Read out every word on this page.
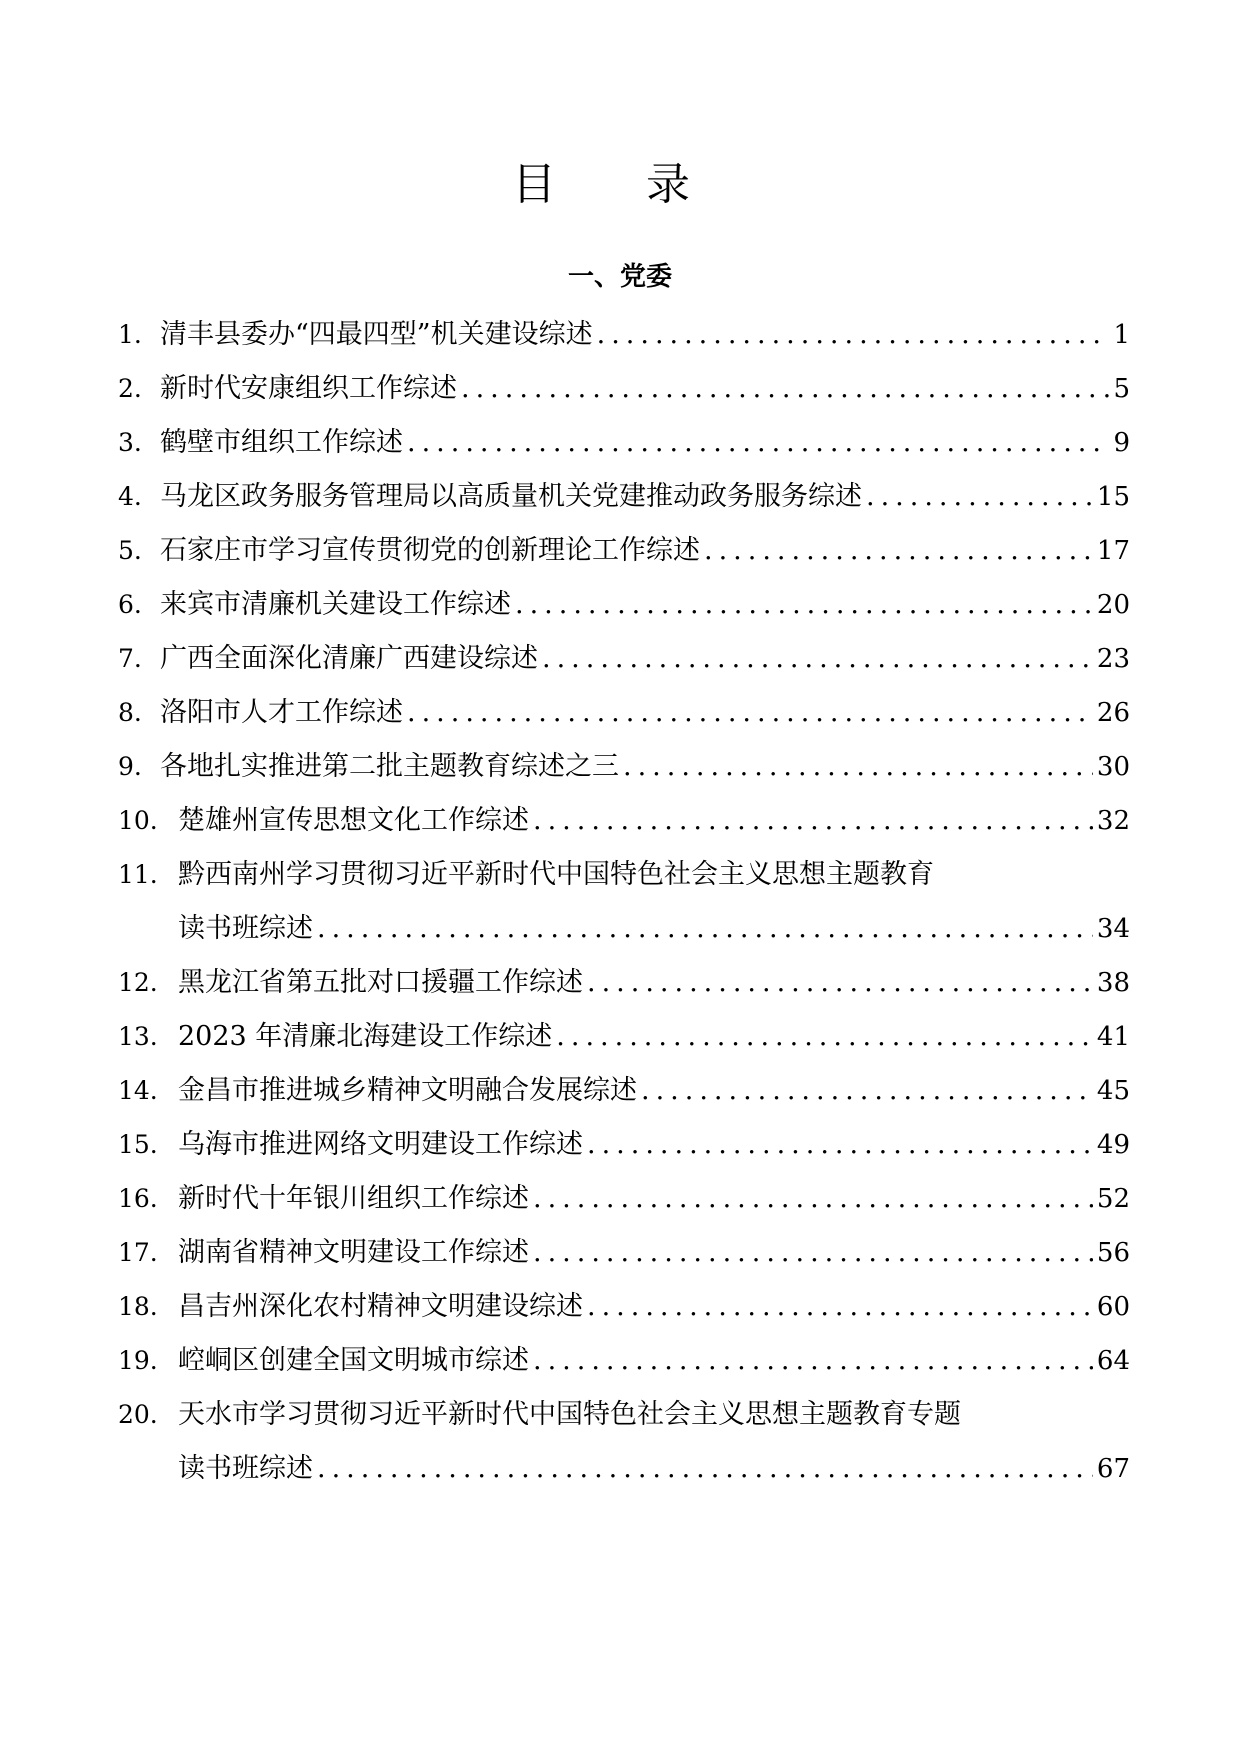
目 录
一、党委
1. 清丰县委办“四最四型”机关建设综述 .....	1
2. 新时代安康组织工作综述 .....	5
3. 鹤壁市组织工作综述 .....	9
4. 马龙区政务服务管理局以高质量机关党建推动政务服务综述 .....	15
5. 石家庄市学习宣传贯彻党的创新理论工作综述 .....	17
6. 来宾市清廉机关建设工作综述 .....	20
7. 广西全面深化清廉广西建设综述 .....	23
8. 洛阳市人才工作综述 .....	26
9. 各地扎实推进第二批主题教育综述之三 .....	30
10. 楚雄州宣传思想文化工作综述 .....	32
11. 黔西南州学习贯彻习近平新时代中国特色社会主义思想主题教育
读书班综述 .....	34
12. 黑龙江省第五批对口援疆工作综述 .....	38
13. 2023 年清廉北海建设工作综述 .....	41
14. 金昌市推进城乡精神文明融合发展综述 .....	45
15. 乌海市推进网络文明建设工作综述 .....	49
16. 新时代十年银川组织工作综述 .....	52
17. 湖南省精神文明建设工作综述 .....	56
18. 昌吉州深化农村精神文明建设综述 .....	60
19. 崆峒区创建全国文明城市综述 .....	64
20. 天水市学习贯彻习近平新时代中国特色社会主义思想主题教育专题
读书班综述 .....	67
